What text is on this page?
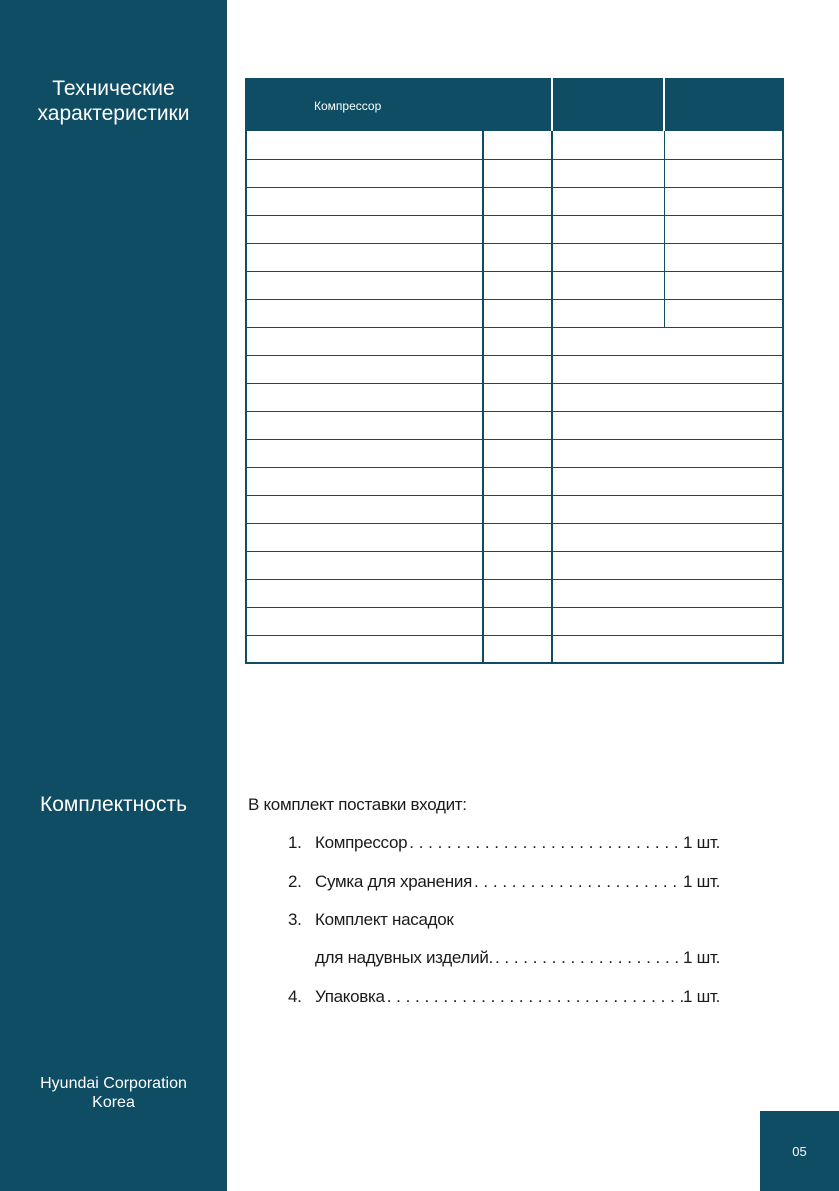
Технические характеристики
Комплектность
Hyundai Corporation
Korea
Компрессор			

В комплект поставки входит:
1. Компрессор . . .	1 шт.
2. Сумка для хранения . . .	1 шт.
3. Комплект насадок
для надувных изделий. . . .	1 шт.
4. Упаковка . . .	1 шт.
05
